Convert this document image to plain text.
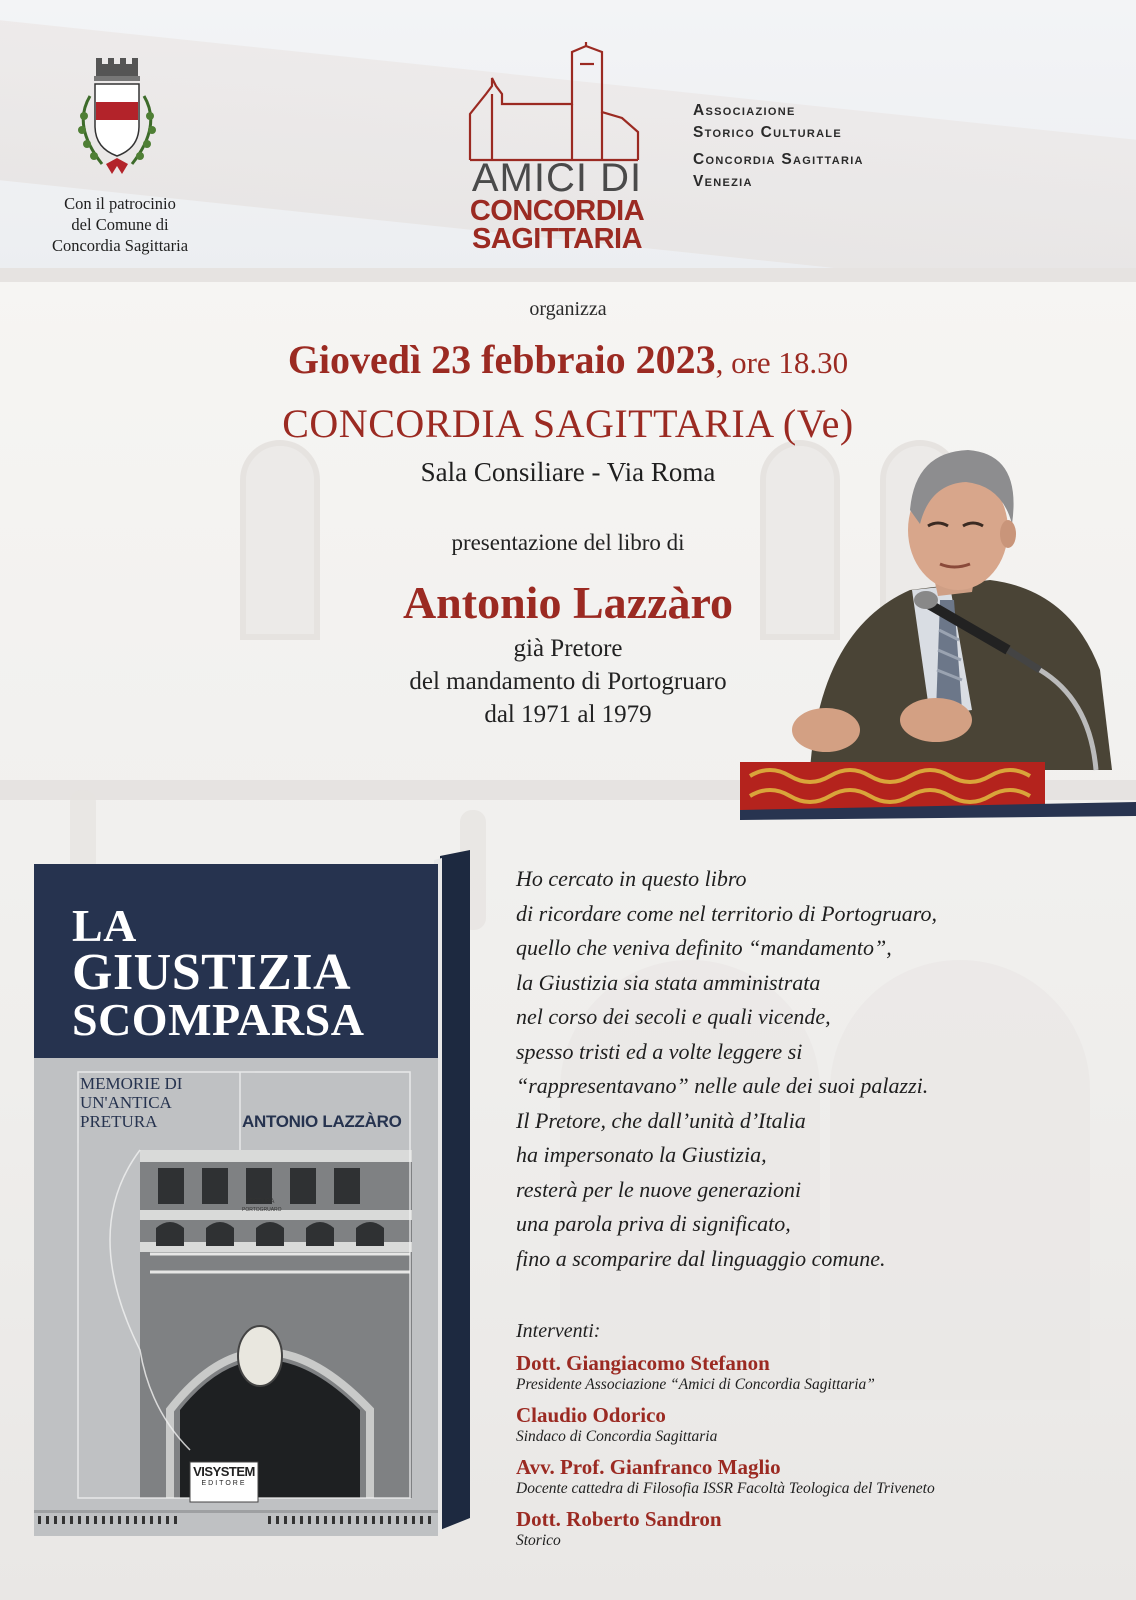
Con il patrocinio
del Comune di
Concordia Sagittaria
AMICI DI
CONCORDIA
SAGITTARIA
Associazione
Storico Culturale
Concordia Sagittaria
Venezia
organizza
Giovedì 23 febbraio 2023, ore 18.30
CONCORDIA SAGITTARIA (Ve)
Sala Consiliare - Via Roma
presentazione del libro di
Antonio Lazzàro
già Pretore
del mandamento di Portogruaro
dal 1971 al 1979
LA
GIUSTIZIA
SCOMPARSA
MEMORIE DI
UN'ANTICA
PRETURA	ANTONIO LAZZÀRO
PRETURA
PORTOGRUARO
VISYSTEM
EDITORE
Ho cercato in questo libro
di ricordare come nel territorio di Portogruaro,
quello che veniva definito “mandamento”,
la Giustizia sia stata amministrata
nel corso dei secoli e quali vicende,
spesso tristi ed a volte leggere si
“rappresentavano” nelle aule dei suoi palazzi.
Il Pretore, che dall’unità d’Italia
ha impersonato la Giustizia,
resterà per le nuove generazioni
una parola priva di significato,
fino a scomparire dal linguaggio comune.
Interventi:
Dott. Giangiacomo Stefanon
Presidente Associazione “Amici di Concordia Sagittaria”
Claudio Odorico
Sindaco di Concordia Sagittaria
Avv. Prof. Gianfranco Maglio
Docente cattedra di Filosofia ISSR Facoltà Teologica del Triveneto
Dott. Roberto Sandron
Storico
